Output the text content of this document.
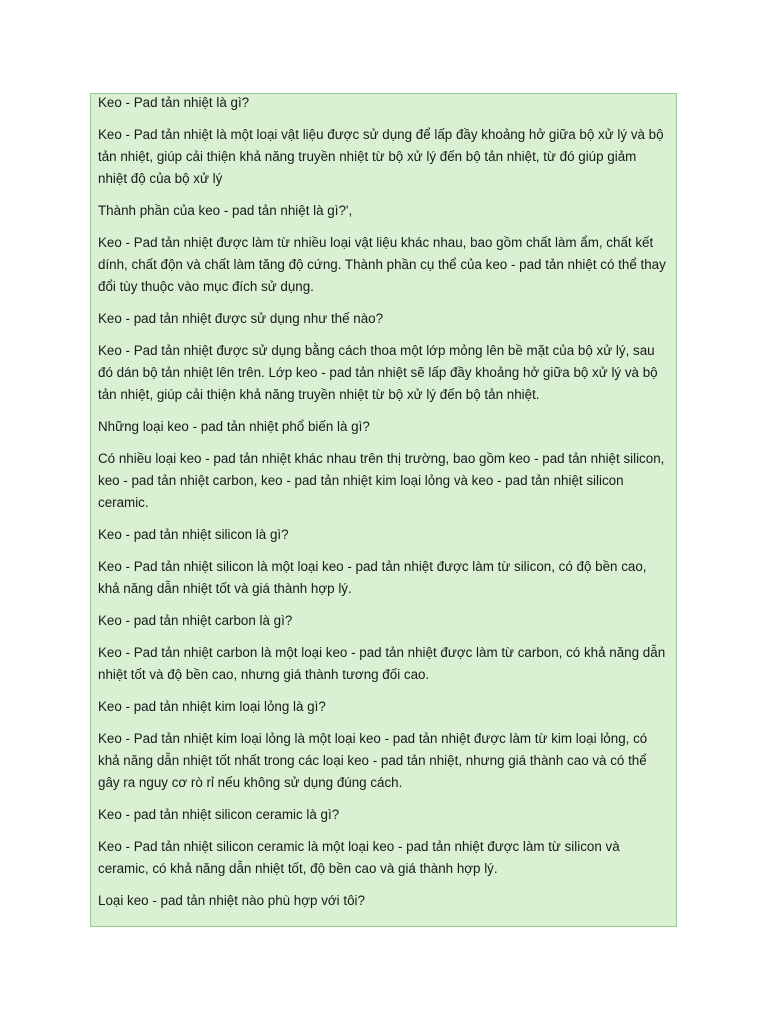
Keo - Pad tản nhiệt là gì?

Keo - Pad tản nhiệt là một loại vật liệu được sử dụng để lấp đầy khoảng hở giữa bộ xử lý và bộ tản nhiệt, giúp cải thiện khả năng truyền nhiệt từ bộ xử lý đến bộ tản nhiệt, từ đó giúp giảm nhiệt độ của bộ xử lý

Thành phần của keo - pad tản nhiệt là gì?',

Keo - Pad tản nhiệt được làm từ nhiều loại vật liệu khác nhau, bao gồm chất làm ẩm, chất kết dính, chất độn và chất làm tăng độ cứng. Thành phần cụ thể của keo - pad tản nhiệt có thể thay đổi tùy thuộc vào mục đích sử dụng.

Keo - pad tản nhiệt được sử dụng như thế nào?

Keo - Pad tản nhiệt được sử dụng bằng cách thoa một lớp mỏng lên bề mặt của bộ xử lý, sau đó dán bộ tản nhiệt lên trên. Lớp keo - pad tản nhiệt sẽ lấp đầy khoảng hở giữa bộ xử lý và bộ tản nhiệt, giúp cải thiện khả năng truyền nhiệt từ bộ xử lý đến bộ tản nhiệt.

Những loại keo - pad tản nhiệt phổ biến là gì?

Có nhiều loại keo - pad tản nhiệt khác nhau trên thị trường, bao gồm keo - pad tản nhiệt silicon, keo - pad tản nhiệt carbon, keo - pad tản nhiệt kim loại lỏng và keo - pad tản nhiệt silicon ceramic.

Keo - pad tản nhiệt silicon là gì?

Keo - Pad tản nhiệt silicon là một loại keo - pad tản nhiệt được làm từ silicon, có độ bền cao, khả năng dẫn nhiệt tốt và giá thành hợp lý.

Keo - pad tản nhiệt carbon là gì?

Keo - Pad tản nhiệt carbon là một loại keo - pad tản nhiệt được làm từ carbon, có khả năng dẫn nhiệt tốt và độ bền cao, nhưng giá thành tương đối cao.

Keo - pad tản nhiệt kim loại lỏng là gì?

Keo - Pad tản nhiệt kim loại lỏng là một loại keo - pad tản nhiệt được làm từ kim loại lỏng, có khả năng dẫn nhiệt tốt nhất trong các loại keo - pad tản nhiệt, nhưng giá thành cao và có thể gây ra nguy cơ rò rỉ nếu không sử dụng đúng cách.

Keo - pad tản nhiệt silicon ceramic là gì?

Keo - Pad tản nhiệt silicon ceramic là một loại keo - pad tản nhiệt được làm từ silicon và ceramic, có khả năng dẫn nhiệt tốt, độ bền cao và giá thành hợp lý.

Loại keo - pad tản nhiệt nào phù hợp với tôi?
